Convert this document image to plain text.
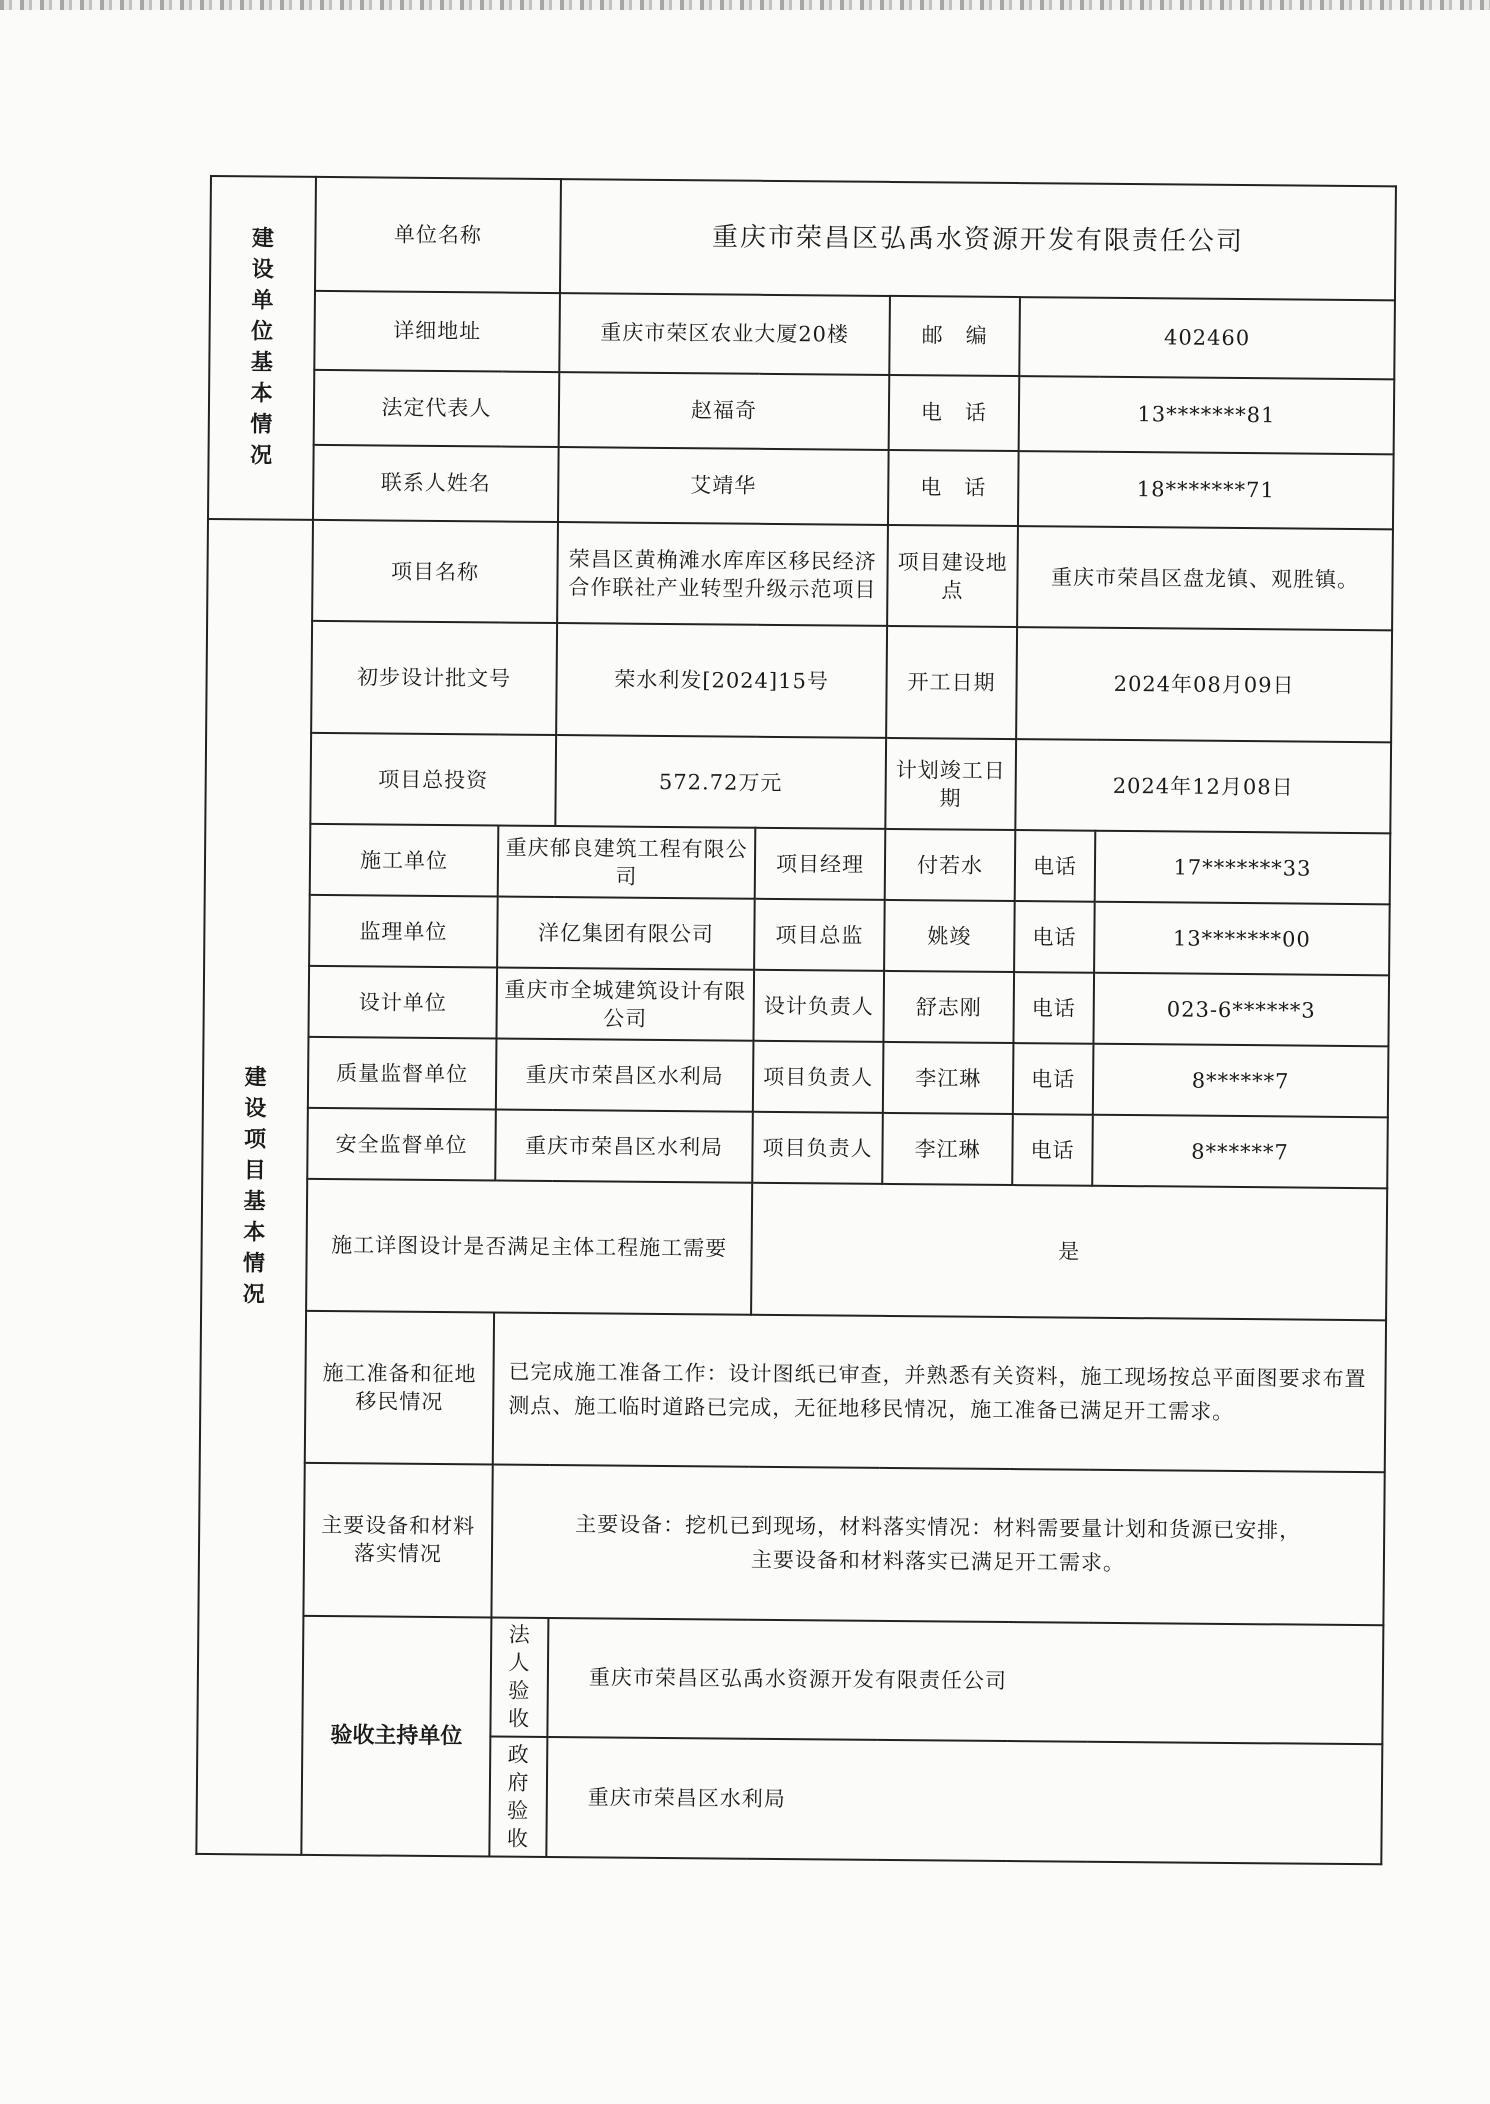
建设单位基本情况	单位名称		重庆市荣昌区弘禹水资源开发有限责任公司				
	详细地址		重庆市荣区农业大厦20楼		邮　编	402460	
	法定代表人		赵福奇		电　话	13*******81	
	联系人姓名		艾靖华		电　话	18*******71	
建设项目基本情况	项目名称		荣昌区黄桷滩水库库区移民经济合作联社产业转型升级示范项目		项目建设地点	重庆市荣昌区盘龙镇、观胜镇。	
	初步设计批文号		荣水利发[2024]15号		开工日期	2024年08月09日	
	项目总投资		572.72万元		计划竣工日期	2024年12月08日	
	施工单位	重庆郁良建筑工程有限公司		项目经理	付若水	电话	17*******33
	监理单位	洋亿集团有限公司		项目总监	姚竣	电话	13*******00
	设计单位	重庆市全城建筑设计有限公司		设计负责人	舒志刚	电话	023-6******3
	质量监督单位	重庆市荣昌区水利局		项目负责人	李江琳	电话	8******7
	安全监督单位	重庆市荣昌区水利局		项目负责人	李江琳	电话	8******7
	施工详图设计是否满足主体工程施工需要			是			
	施工准备和征地移民情况	已完成施工准备工作：设计图纸已审查，并熟悉有关资料，施工现场按总平面图要求布置测点、施工临时道路已完成，无征地移民情况，施工准备已满足开工需求。					
	主要设备和材料落实情况	主要设备：挖机已到现场，材料落实情况：材料需要量计划和货源已安排，
主要设备和材料落实已满足开工需求。					

	验收主持单位	法人验收	重庆市荣昌区弘禹水资源开发有限责任公司				
		政府验收	重庆市荣昌区水利局				
